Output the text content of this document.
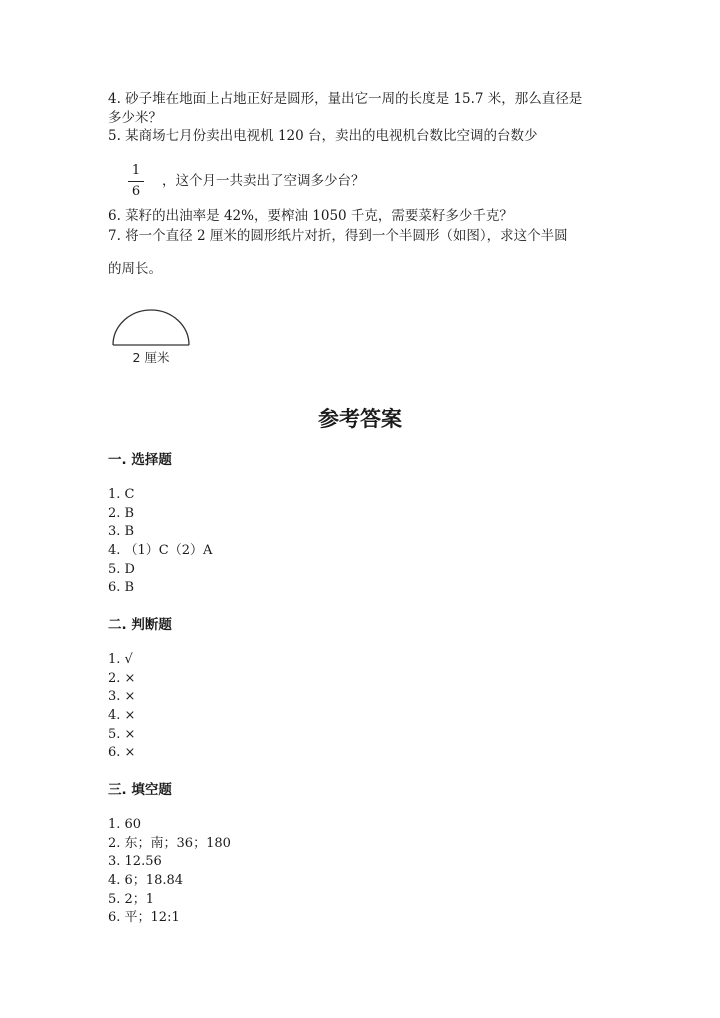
4. 砂子堆在地面上占地正好是圆形，量出它一周的长度是 15.7 米，那么直径是
多少米？
5. 某商场七月份卖出电视机 120 台，卖出的电视机台数比空调的台数少
1
6
，这个月一共卖出了空调多少台？
6. 菜籽的出油率是 42%，要榨油 1050 千克，需要菜籽多少千克？
7. 将一个直径 2 厘米的圆形纸片对折，得到一个半圆形（如图），求这个半圆
的周长。
2 厘米
参考答案
一. 选择题
1. C
2. B
3. B
4. （1）C（2）A
5. D
6. B
二. 判断题
1. √
2. ×
3. ×
4. ×
5. ×
6. ×
三. 填空题
1. 60
2. 东；南；36；180
3. 12.56
4. 6；18.84
5. 2；1
6. 平；12:1
